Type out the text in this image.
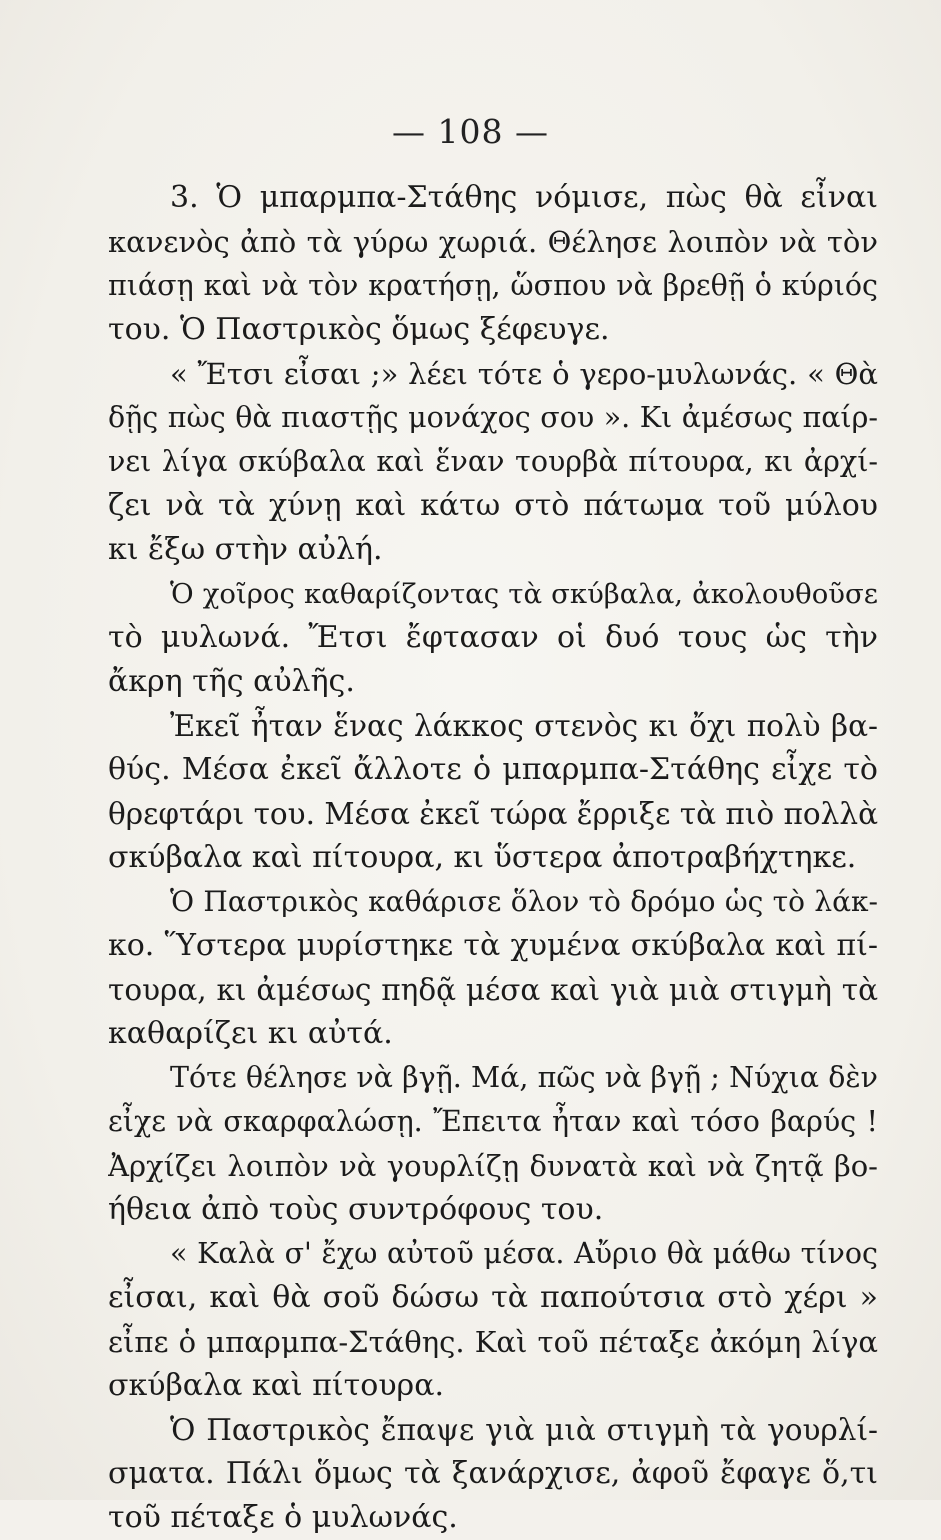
— 108 —
3. Ὁ μπαρμπα-Στάθης νόμισε, πὼς θὰ εἶναι
κανενὸς ἀπὸ τὰ γύρω χωριά. Θέλησε λοιπὸν νὰ τὸν
πιάσῃ καὶ νὰ τὸν κρατήσῃ, ὥσπου νὰ βρεθῇ ὁ κύριός
του. Ὁ Παστρικὸς ὅμως ξέφευγε.
« Ἔτσι εἶσαι ;» λέει τότε ὁ γερο-μυλωνάς. « Θὰ
δῇς πὼς θὰ πιαστῇς μονάχος σου ». Κι ἀμέσως παίρ-
νει λίγα σκύβαλα καὶ ἕναν τουρβὰ πίτουρα, κι ἀρχί-
ζει νὰ τὰ χύνῃ καὶ κάτω στὸ πάτωμα τοῦ μύλου
κι ἔξω στὴν αὐλή.
Ὁ χοῖρος καθαρίζοντας τὰ σκύβαλα, ἀκολουθοῦσε
τὸ μυλωνά. Ἔτσι ἔφτασαν οἱ δυό τους ὡς τὴν
ἄκρη τῆς αὐλῆς.
Ἐκεῖ ἦταν ἕνας λάκκος στενὸς κι ὄχι πολὺ βα-
θύς. Μέσα ἐκεῖ ἄλλοτε ὁ μπαρμπα-Στάθης εἶχε τὸ
θρεφτάρι του. Μέσα ἐκεῖ τώρα ἔρριξε τὰ πιὸ πολλὰ
σκύβαλα καὶ πίτουρα, κι ὕστερα ἀποτραβήχτηκε.
Ὁ Παστρικὸς καθάρισε ὅλον τὸ δρόμο ὡς τὸ λάκ-
κο. Ὕστερα μυρίστηκε τὰ χυμένα σκύβαλα καὶ πί-
τουρα, κι ἀμέσως πηδᾷ μέσα καὶ γιὰ μιὰ στιγμὴ τὰ
καθαρίζει κι αὐτά.
Τότε θέλησε νὰ βγῇ. Μά, πῶς νὰ βγῇ ; Νύχια δὲν
εἶχε νὰ σκαρφαλώσῃ. Ἔπειτα ἦταν καὶ τόσο βαρύς !
Ἀρχίζει λοιπὸν νὰ γουρλίζῃ δυνατὰ καὶ νὰ ζητᾷ βο-
ήθεια ἀπὸ τοὺς συντρόφους του.
« Καλὰ σ' ἔχω αὐτοῦ μέσα. Αὔριο θὰ μάθω τίνος
εἶσαι, καὶ θὰ σοῦ δώσω τὰ παπούτσια στὸ χέρι »
εἶπε ὁ μπαρμπα-Στάθης. Καὶ τοῦ πέταξε ἀκόμη λίγα
σκύβαλα καὶ πίτουρα.
Ὁ Παστρικὸς ἔπαψε γιὰ μιὰ στιγμὴ τὰ γουρλί-
σματα. Πάλι ὅμως τὰ ξανάρχισε, ἀφοῦ ἔφαγε ὅ,τι
τοῦ πέταξε ὁ μυλωνάς.
